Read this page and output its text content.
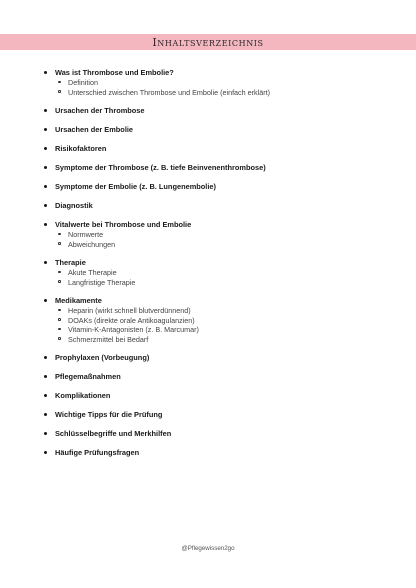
Inhaltsverzeichnis
Was ist Thrombose und Embolie?
Definition
Unterschied zwischen Thrombose und Embolie (einfach erklärt)
Ursachen der Thrombose
Ursachen der Embolie
Risikofaktoren
Symptome der Thrombose (z. B. tiefe Beinvenenthrombose)
Symptome der Embolie (z. B. Lungenembolie)
Diagnostik
Vitalwerte bei Thrombose und Embolie
Normwerte
Abweichungen
Therapie
Akute Therapie
Langfristige Therapie
Medikamente
Heparin (wirkt schnell blutverdünnend)
DOAKs (direkte orale Antikoagulanzien)
Vitamin-K-Antagonisten (z. B. Marcumar)
Schmerzmittel bei Bedarf
Prophylaxen (Vorbeugung)
Pflegemaßnahmen
Komplikationen
Wichtige Tipps für die Prüfung
Schlüsselbegriffe und Merkhilfen
Häufige Prüfungsfragen
@Pflegewissen2go
